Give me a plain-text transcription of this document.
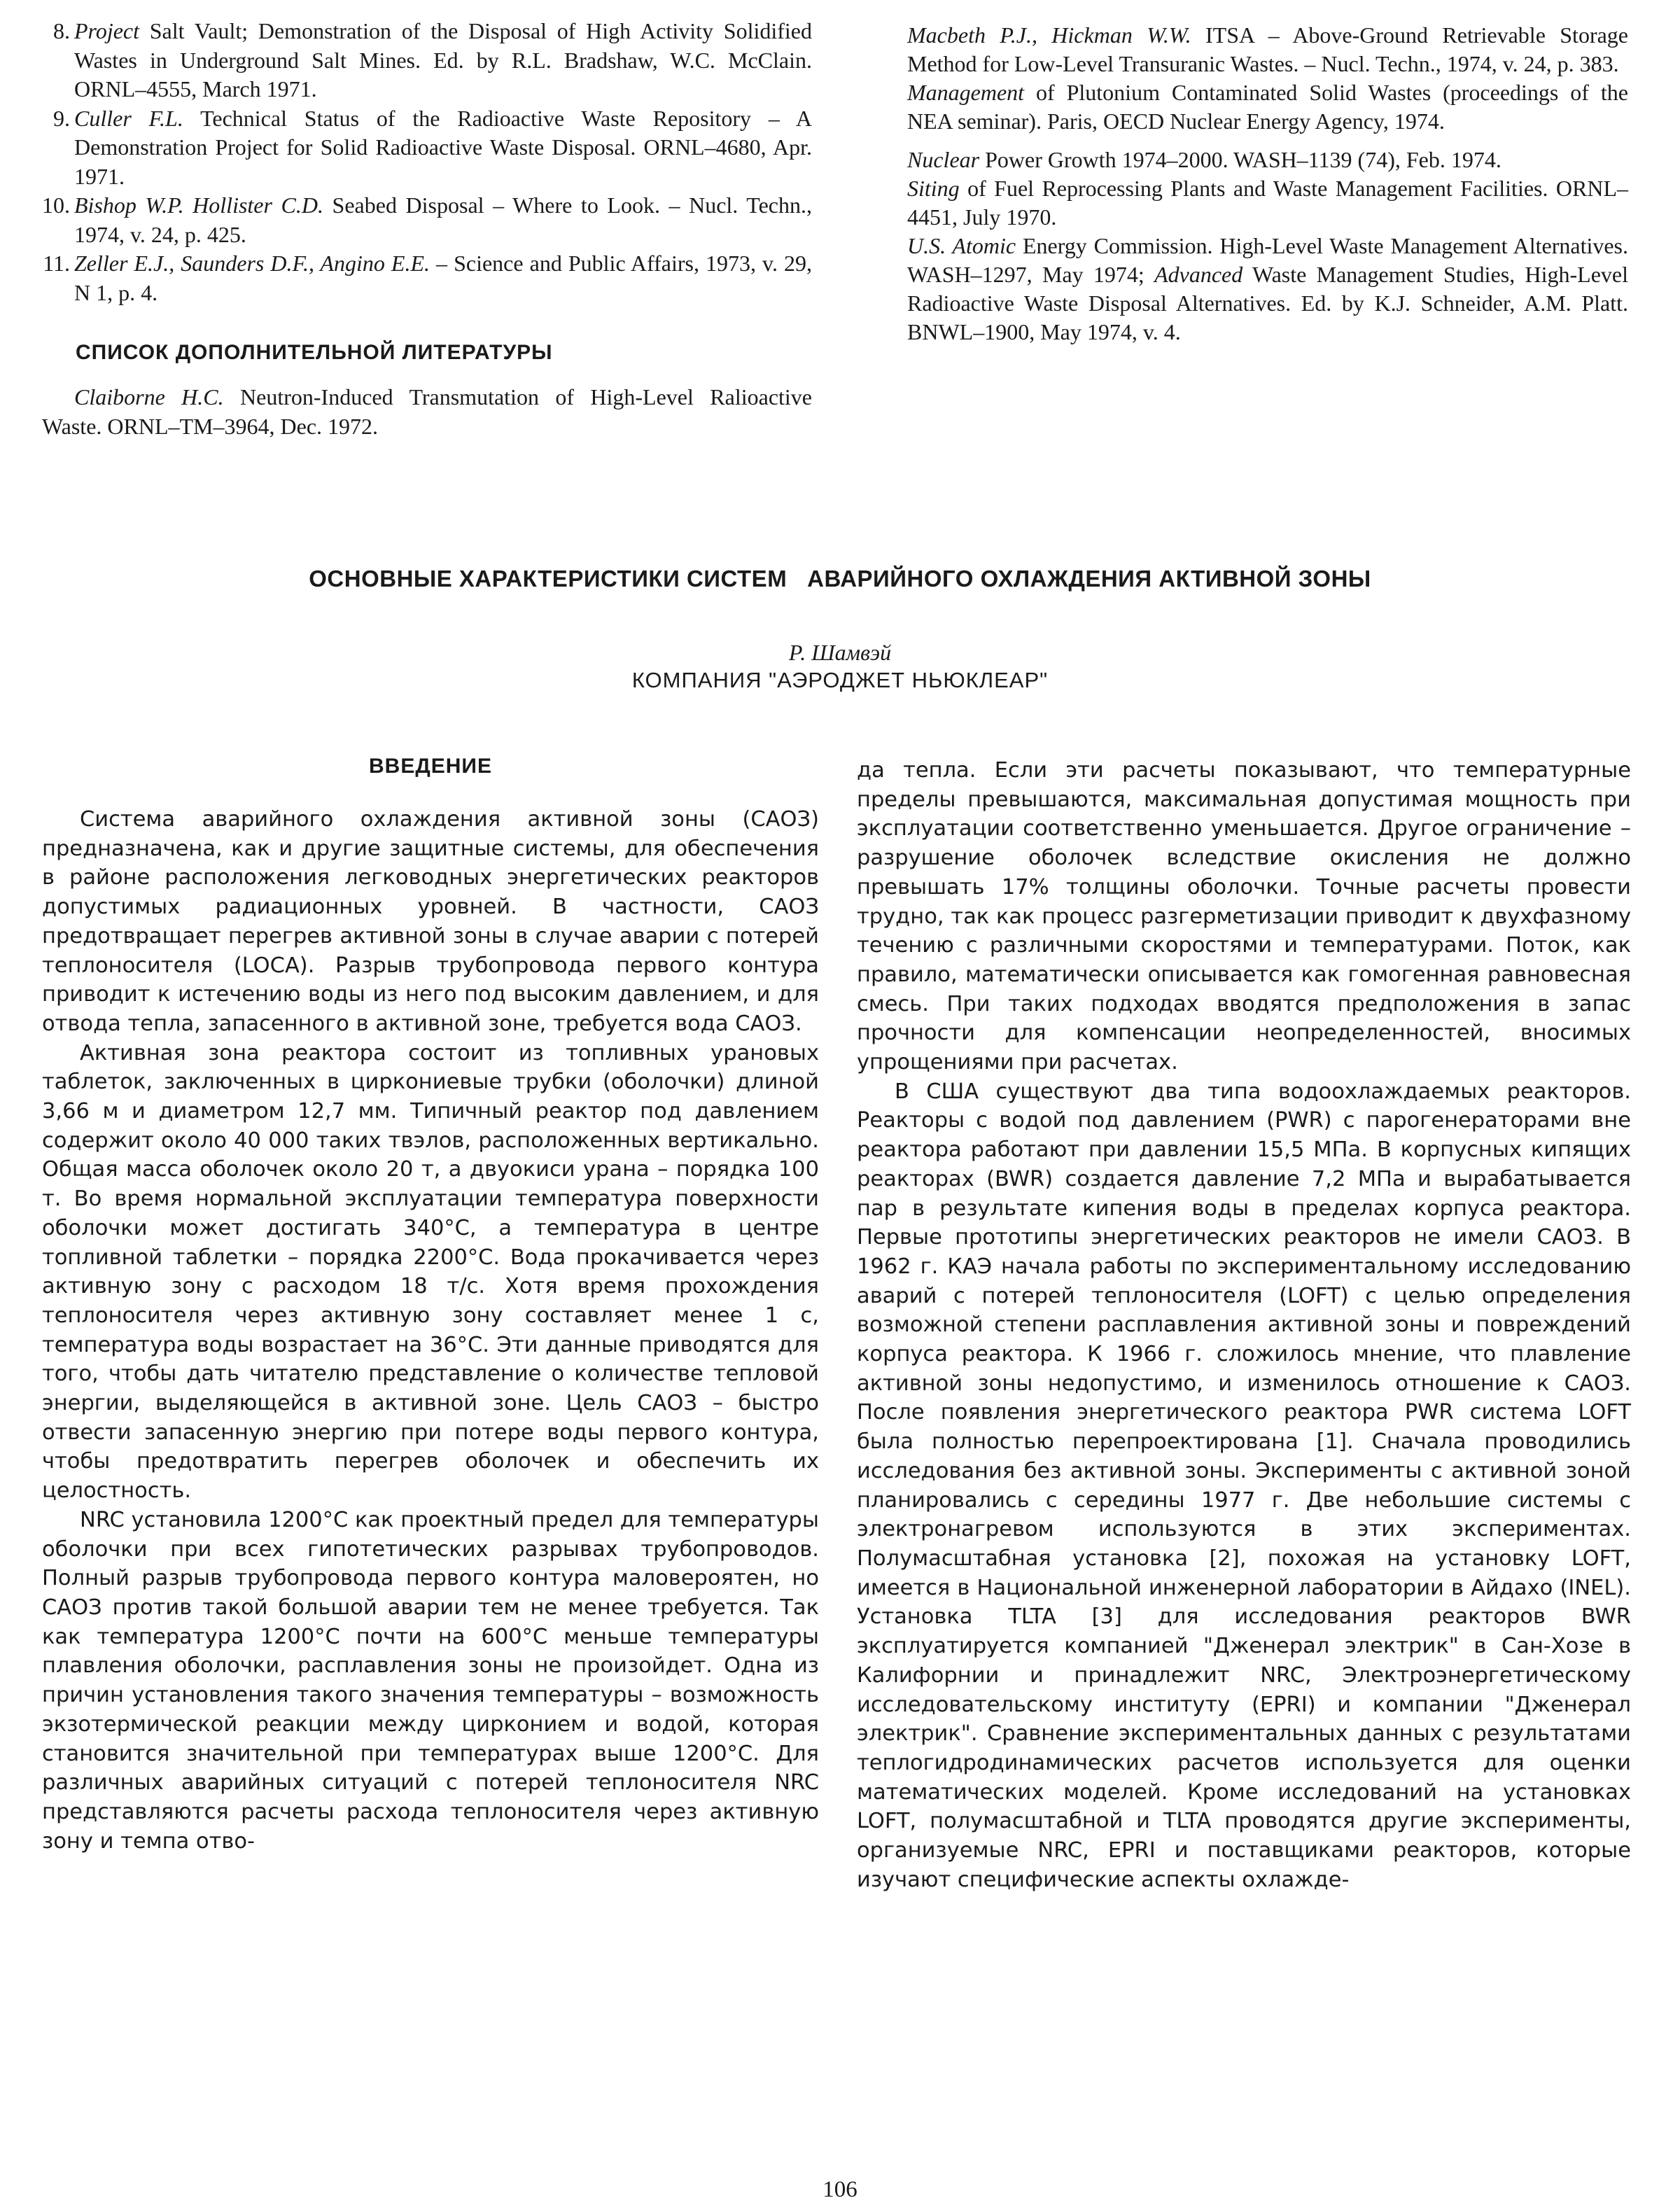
8. Project Salt Vault; Demonstration of the Disposal of High Activity Solidified Wastes in Underground Salt Mines. Ed. by R.L. Bradshaw, W.C. McClain. ORNL–4555, March 1971.
9. Culler F.L. Technical Status of the Radioactive Waste Repository – A Demonstration Project for Solid Radioactive Waste Disposal. ORNL–4680, Apr. 1971.
10. Bishop W.P. Hollister C.D. Seabed Disposal – Where to Look. – Nucl. Techn., 1974, v. 24, p. 425.
11. Zeller E.J., Saunders D.F., Angino E.E. – Science and Public Affairs, 1973, v. 29, N 1, p. 4.
СПИСОК ДОПОЛНИТЕЛЬНОЙ ЛИТЕРАТУРЫ

Claiborne H.C. Neutron-Induced Transmutation of High-Level Ralioactive Waste. ORNL–TM–3964, Dec. 1972.

Macbeth P.J., Hickman W.W. ITSA – Above-Ground Retrievable Storage Method for Low-Level Transuranic Wastes. – Nucl. Techn., 1974, v. 24, p. 383.

Management of Plutonium Contaminated Solid Wastes (proceedings of the NEA seminar). Paris, OECD Nuclear Energy Agency, 1974.

Nuclear Power Growth 1974–2000. WASH–1139 (74), Feb. 1974.

Siting of Fuel Reprocessing Plants and Waste Management Facilities. ORNL–4451, July 1970.

U.S. Atomic Energy Commission. High-Level Waste Management Alternatives. WASH–1297, May 1974; Advanced Waste Management Studies, High-Level Radioactive Waste Disposal Alternatives. Ed. by K.J. Schneider, A.M. Platt. BNWL–1900, May 1974, v. 4.

ОСНОВНЫЕ ХАРАКТЕРИСТИКИ СИСТЕМ   АВАРИЙНОГО ОХЛАЖДЕНИЯ АКТИВНОЙ ЗОНЫ
Р. Шамвэй
КОМПАНИЯ "АЭРОДЖЕТ НЬЮКЛЕАР"
ВВЕДЕНИЕ

Система аварийного охлаждения активной зоны (САОЗ) предназначена, как и другие защитные системы, для обеспечения в районе расположения легководных энергетических реакторов допустимых радиационных уровней. В частности, САОЗ предотвращает перегрев активной зоны в случае аварии с потерей теплоносителя (LOCA). Разрыв трубопровода первого контура приводит к истечению воды из него под высоким давлением, и для отвода тепла, запасенного в активной зоне, требуется вода САОЗ.

Активная зона реактора состоит из топливных урановых таблеток, заключенных в циркониевые трубки (оболочки) длиной 3,66 м и диаметром 12,7 мм. Типичный реактор под давлением содержит около 40 000 таких твэлов, расположенных вертикально. Общая масса оболочек около 20 т, а двуокиси урана – порядка 100 т. Во время нормальной эксплуатации температура поверхности оболочки может достигать 340°С, а температура в центре топливной таблетки – порядка 2200°С. Вода прокачивается через активную зону с расходом 18 т/с. Хотя время прохождения теплоносителя через активную зону составляет менее 1 с, температура воды возрастает на 36°С. Эти данные приводятся для того, чтобы дать читателю представление о количестве тепловой энергии, выделяющейся в активной зоне. Цель САОЗ – быстро отвести запасенную энергию при потере воды первого контура, чтобы предотвратить перегрев оболочек и обеспечить их целостность.

NRC установила 1200°С как проектный предел для температуры оболочки при всех гипотетических разрывах трубопроводов. Полный разрыв трубопровода первого контура маловероятен, но САОЗ против такой большой аварии тем не менее требуется. Так как температура 1200°С почти на 600°С меньше температуры плавления оболочки, расплавления зоны не произойдет. Одна из причин установления такого значения температуры – возможность экзотермической реакции между цирконием и водой, которая становится значительной при температурах выше 1200°С. Для различных аварийных ситуаций с потерей теплоносителя NRC представляются расчеты расхода теплоносителя через активную зону и темпа отво-

да тепла. Если эти расчеты показывают, что температурные пределы превышаются, максимальная допустимая мощность при эксплуатации соответственно уменьшается. Другое ограничение – разрушение оболочек вследствие окисления не должно превышать 17% толщины оболочки. Точные расчеты провести трудно, так как процесс разгерметизации приводит к двухфазному течению с различными скоростями и температурами. Поток, как правило, математически описывается как гомогенная равновесная смесь. При таких подходах вводятся предположения в запас прочности для компенсации неопределенностей, вносимых упрощениями при расчетах.

В США существуют два типа водоохлаждаемых реакторов. Реакторы с водой под давлением (PWR) с парогенераторами вне реактора работают при давлении 15,5 МПа. В корпусных кипящих реакторах (BWR) создается давление 7,2 МПа и вырабатывается пар в результате кипения воды в пределах корпуса реактора. Первые прототипы энергетических реакторов не имели САОЗ. В 1962 г. КАЭ начала работы по экспериментальному исследованию аварий с потерей теплоносителя (LOFT) с целью определения возможной степени расплавления активной зоны и повреждений корпуса реактора. К 1966 г. сложилось мнение, что плавление активной зоны недопустимо, и изменилось отношение к САОЗ. После появления энергетического реактора PWR система LOFT была полностью перепроектирована [1]. Сначала проводились исследования без активной зоны. Эксперименты с активной зоной планировались с середины 1977 г. Две небольшие системы с электронагревом используются в этих экспериментах. Полумасштабная установка [2], похожая на установку LOFT, имеется в Национальной инженерной лаборатории в Айдахо (INEL). Установка TLTA [3] для исследования реакторов BWR эксплуатируется компанией "Дженерал электрик" в Сан-Хозе в Калифорнии и принадлежит NRC, Электроэнергетическому исследовательскому институту (EPRI) и компании "Дженерал электрик". Сравнение экспериментальных данных с результатами теплогидродинамических расчетов используется для оценки математических моделей. Кроме исследований на установках LOFT, полумасштабной и TLTA проводятся другие эксперименты, организуемые NRC, EPRI и поставщиками реакторов, которые изучают специфические аспекты охлажде-

106
